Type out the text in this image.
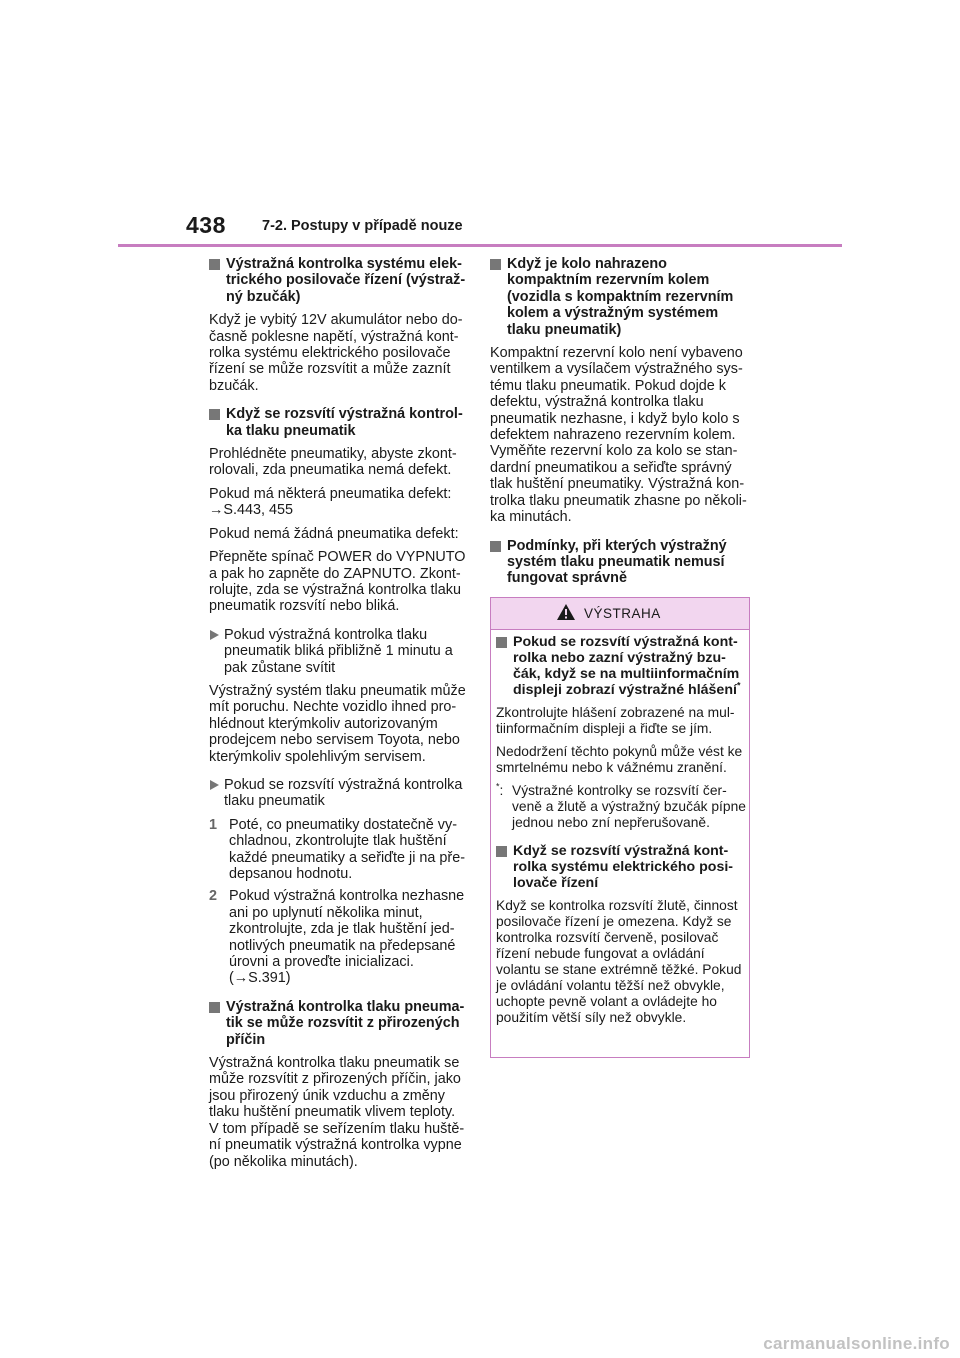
438 7-2. Postupy v případě nouze
Výstražná kontrolka systému elektrického posilovače řízení (výstražný bzučák)
Když je vybitý 12V akumulátor nebo dočasně poklesne napětí, výstražná kontrolka systému elektrického posilovače řízení se může rozsvítit a může zaznít bzučák.
Když se rozsvítí výstražná kontrolka tlaku pneumatik
Prohlédněte pneumatiky, abyste zkontrolovali, zda pneumatika nemá defekt.
Pokud má některá pneumatika defekt: →S.443, 455
Pokud nemá žádná pneumatika defekt:
Přepněte spínač POWER do VYPNUTO a pak ho zapněte do ZAPNUTO. Zkontrolujte, zda se výstražná kontrolka tlaku pneumatik rozsvítí nebo bliká.
Pokud výstražná kontrolka tlaku pneumatik bliká přibližně 1 minutu a pak zůstane svítit
Výstražný systém tlaku pneumatik může mít poruchu. Nechte vozidlo ihned prohlédnout kterýmkoliv autorizovaným prodejcem nebo servisem Toyota, nebo kterýmkoliv spolehlivým servisem.
Pokud se rozsvítí výstražná kontrolka tlaku pneumatik
1 Poté, co pneumatiky dostatečně vychladnou, zkontrolujte tlak huštění každé pneumatiky a seřiďte ji na předepsanou hodnotu.
2 Pokud výstražná kontrolka nezhasne ani po uplynutí několika minut, zkontrolujte, zda je tlak huštění jednotlivých pneumatik na předepsané úrovni a proveďte inicializaci. (→S.391)
Výstražná kontrolka tlaku pneumatik se může rozsvítit z přirozených příčin
Výstražná kontrolka tlaku pneumatik se může rozsvítit z přirozených příčin, jako jsou přirozený únik vzduchu a změny tlaku huštění pneumatik vlivem teploty. V tom případě se seřízením tlaku huštění pneumatik výstražná kontrolka vypne (po několika minutách).
Když je kolo nahrazeno kompaktním rezervním kolem (vozidla s kompaktním rezervním kolem a výstražným systémem tlaku pneumatik)
Kompaktní rezervní kolo není vybaveno ventilkem a vysílačem výstražného systému tlaku pneumatik. Pokud dojde k defektu, výstražná kontrolka tlaku pneumatik nezhasne, i když bylo kolo s defektem nahrazeno rezervním kolem. Vyměňte rezervní kolo za kolo se standardní pneumatikou a seřiďte správný tlak huštění pneumatiky. Výstražná kontrolka tlaku pneumatik zhasne po několika minutách.
Podmínky, při kterých výstražný systém tlaku pneumatik nemusí fungovat správně
VÝSTRAHA
Pokud se rozsvítí výstražná kontrolka nebo zazní výstražný bzučák, když se na multiinformačním displeji zobrazí výstražné hlášení*
Zkontrolujte hlášení zobrazené na multiinformačním displeji a řiďte se jím.
Nedodržení těchto pokynů může vést ke smrtelnému nebo k vážnému zranění.
*: Výstražné kontrolky se rozsvítí červeně a žlutě a výstražný bzučák pípne jednou nebo zní nepřerušovaně.
Když se rozsvítí výstražná kontrolka systému elektrického posilovače řízení
Když se kontrolka rozsvítí žlutě, činnost posilovače řízení je omezena. Když se kontrolka rozsvítí červeně, posilovač řízení nebude fungovat a ovládání volantu se stane extrémně těžké. Pokud je ovládání volantu těžší než obvykle, uchopte pevně volant a ovládejte ho použitím větší síly než obvykle.
carmanualsonline.info
